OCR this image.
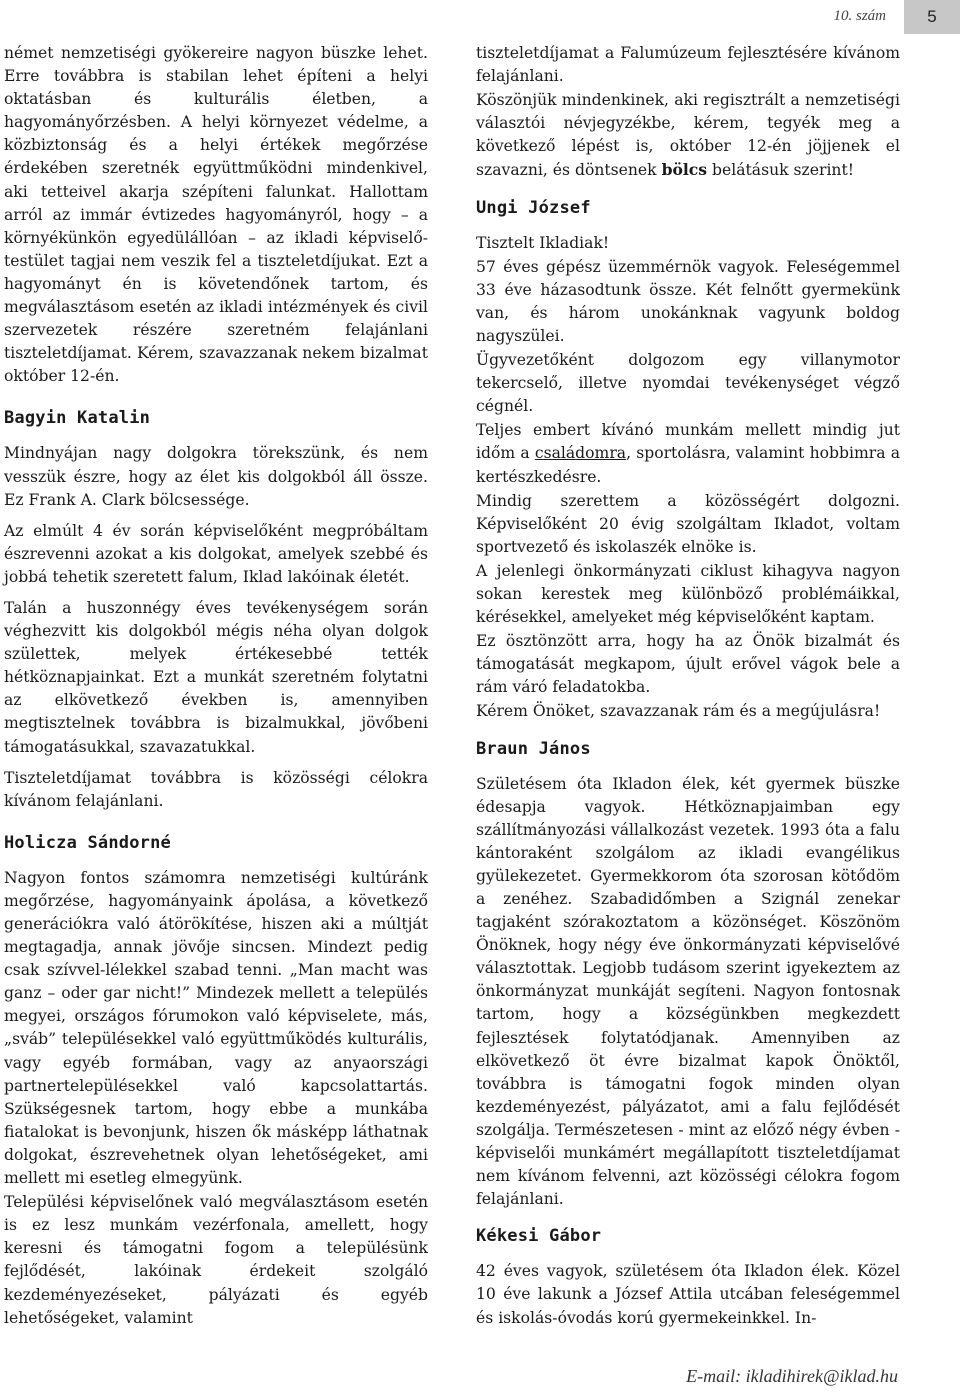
10. szám 5

német nemzetiségi gyökereire nagyon büszke lehet. Erre továbbra is stabilan lehet építeni a helyi oktatásban és kulturális életben, a hagyományőrzésben. A helyi környezet védelme, a közbiztonság és a helyi értékek megőrzése érdekében szeretnék együttműködni mindenkivel, aki tetteivel akarja szépíteni falunkat. Hallottam arról az immár évtizedes hagyományról, hogy – a környékünkön egyedülállóan – az ikladi képviselő-testület tagjai nem veszik fel a tiszteletdíjukat. Ezt a hagyományt én is követendőnek tartom, és megválasztásom esetén az ikladi intézmények és civil szervezetek részére szeretném felajánlani tiszteletdíjamat. Kérem, szavazzanak nekem bizalmat október 12-én.

Bagyin Katalin

Mindnyájan nagy dolgokra törekszünk, és nem vesszük észre, hogy az élet kis dolgokból áll össze. Ez Frank A. Clark bölcsessége.

Az elmúlt 4 év során képviselőként megpróbáltam észrevenni azokat a kis dolgokat, amelyek szebbé és jobbá tehetik szeretett falum, Iklad lakóinak életét.

Talán a huszonnégy éves tevékenységem során véghezvitt kis dolgokból mégis néha olyan dolgok születtek, melyek értékesebbé tették hétköznapjainkat. Ezt a munkát szeretném folytatni az elkövetkező években is, amennyiben megtisztelnek továbbra is bizalmukkal, jövőbeni támogatásukkal, szavazatukkal.

Tiszteletdíjamat továbbra is közösségi célokra kívánom felajánlani.

Holicza Sándorné

Nagyon fontos számomra nemzetiségi kultúránk megőrzése, hagyományaink ápolása, a következő generációkra való átörökítése, hiszen aki a múltját megtagadja, annak jövője sincsen. Mindezt pedig csak szívvel-lélekkel szabad tenni. „Man macht was ganz – oder gar nicht!” Mindezek mellett a település megyei, országos fórumokon való képviselete, más, „sváb” településekkel való együttműködés kulturális, vagy egyéb formában, vagy az anyaországi partnertelepülésekkel való kapcsolattartás. Szükségesnek tartom, hogy ebbe a munkába fiatalokat is bevonjunk, hiszen ők másképp láthatnak dolgokat, észrevehetnek olyan lehetőségeket, ami mellett mi esetleg elmegyünk.

Települési képviselőnek való megválasztásom esetén is ez lesz munkám vezérfonala, amellett, hogy keresni és támogatni fogom a településünk fejlődését, lakóinak érdekeit szolgáló kezdeményezéseket, pályázati és egyéb lehetőségeket, valamint

tiszteletdíjamat a Falumúzeum fejlesztésére kívánom felajánlani.

Köszönjük mindenkinek, aki regisztrált a nemzetiségi választói névjegyzékbe, kérem, tegyék meg a következő lépést is, október 12-én jöjjenek el szavazni, és döntsenek bölcs belátásuk szerint!

Ungi József

Tisztelt Ikladiak!

57 éves gépész üzemmérnök vagyok. Feleségemmel 33 éve házasodtunk össze. Két felnőtt gyermekünk van, és három unokánknak vagyunk boldog nagyszülei.

Ügyvezetőként dolgozom egy villanymotor tekercselő, illetve nyomdai tevékenységet végző cégnél.

Teljes embert kívánó munkám mellett mindig jut időm a családomra, sportolásra, valamint hobbimra a kertészkedésre.

Mindig szerettem a közösségért dolgozni. Képviselőként 20 évig szolgáltam Ikladot, voltam sportvezető és iskolaszék elnöke is.

A jelenlegi önkormányzati ciklust kihagyva nagyon sokan kerestek meg különböző problémáikkal, kérésekkel, amelyeket még képviselőként kaptam.

Ez ösztönzött arra, hogy ha az Önök bizalmát és támogatását megkapom, újult erővel vágok bele a rám váró feladatokba.

Kérem Önöket, szavazzanak rám és a megújulásra!

Braun János

Születésem óta Ikladon élek, két gyermek büszke édesapja vagyok. Hétköznapjaimban egy szállítmányozási vállalkozást vezetek. 1993 óta a falu kántoraként szolgálom az ikladi evangélikus gyülekezetet. Gyermekkorom óta szorosan kötődöm a zenéhez. Szabadidőmben a Szignál zenekar tagjaként szórakoztatom a közönséget. Köszönöm Önöknek, hogy négy éve önkormányzati képviselővé választottak. Legjobb tudásom szerint igyekeztem az önkormányzat munkáját segíteni. Nagyon fontosnak tartom, hogy a községünkben megkezdett fejlesztések folytatódjanak. Amennyiben az elkövetkező öt évre bizalmat kapok Önöktől, továbbra is támogatni fogok minden olyan kezdeményezést, pályázatot, ami a falu fejlődését szolgálja. Természetesen - mint az előző négy évben - képviselői munkámért megállapított tiszteletdíjamat nem kívánom felvenni, azt közösségi célokra fogom felajánlani.

Kékesi Gábor

42 éves vagyok, születésem óta Ikladon élek. Közel 10 éve lakunk a József Attila utcában feleségemmel és iskolás-óvodás korú gyermekeinkkel. In-

E-mail: ikladihirek@iklad.hu
